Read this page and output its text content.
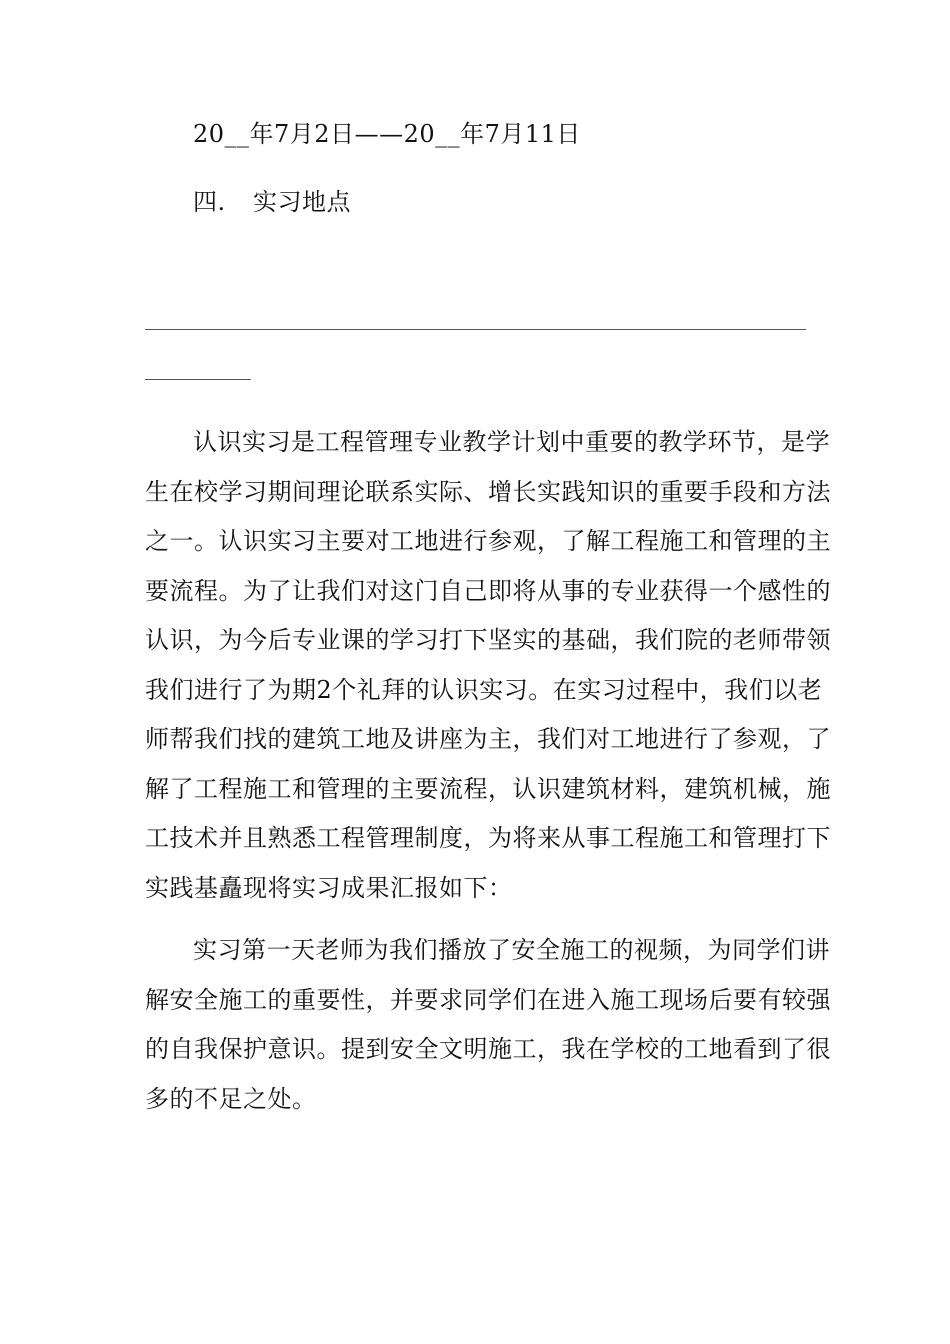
20__年7月2日——20__年7月11日
四. 实习地点
认识实习是工程管理专业教学计划中重要的教学环节，是学
生在校学习期间理论联系实际、增长实践知识的重要手段和方法
之一。认识实习主要对工地进行参观，了解工程施工和管理的主
要流程。为了让我们对这门自己即将从事的专业获得一个感性的
认识，为今后专业课的学习打下坚实的基础，我们院的老师带领
我们进行了为期2个礼拜的认识实习。在实习过程中，我们以老
师帮我们找的建筑工地及讲座为主，我们对工地进行了参观，了
解了工程施工和管理的主要流程，认识建筑材料，建筑机械，施
工技术并且熟悉工程管理制度，为将来从事工程施工和管理打下
实践基矗现将实习成果汇报如下：
实习第一天老师为我们播放了安全施工的视频，为同学们讲
解安全施工的重要性，并要求同学们在进入施工现场后要有较强
的自我保护意识。提到安全文明施工，我在学校的工地看到了很
多的不足之处。
